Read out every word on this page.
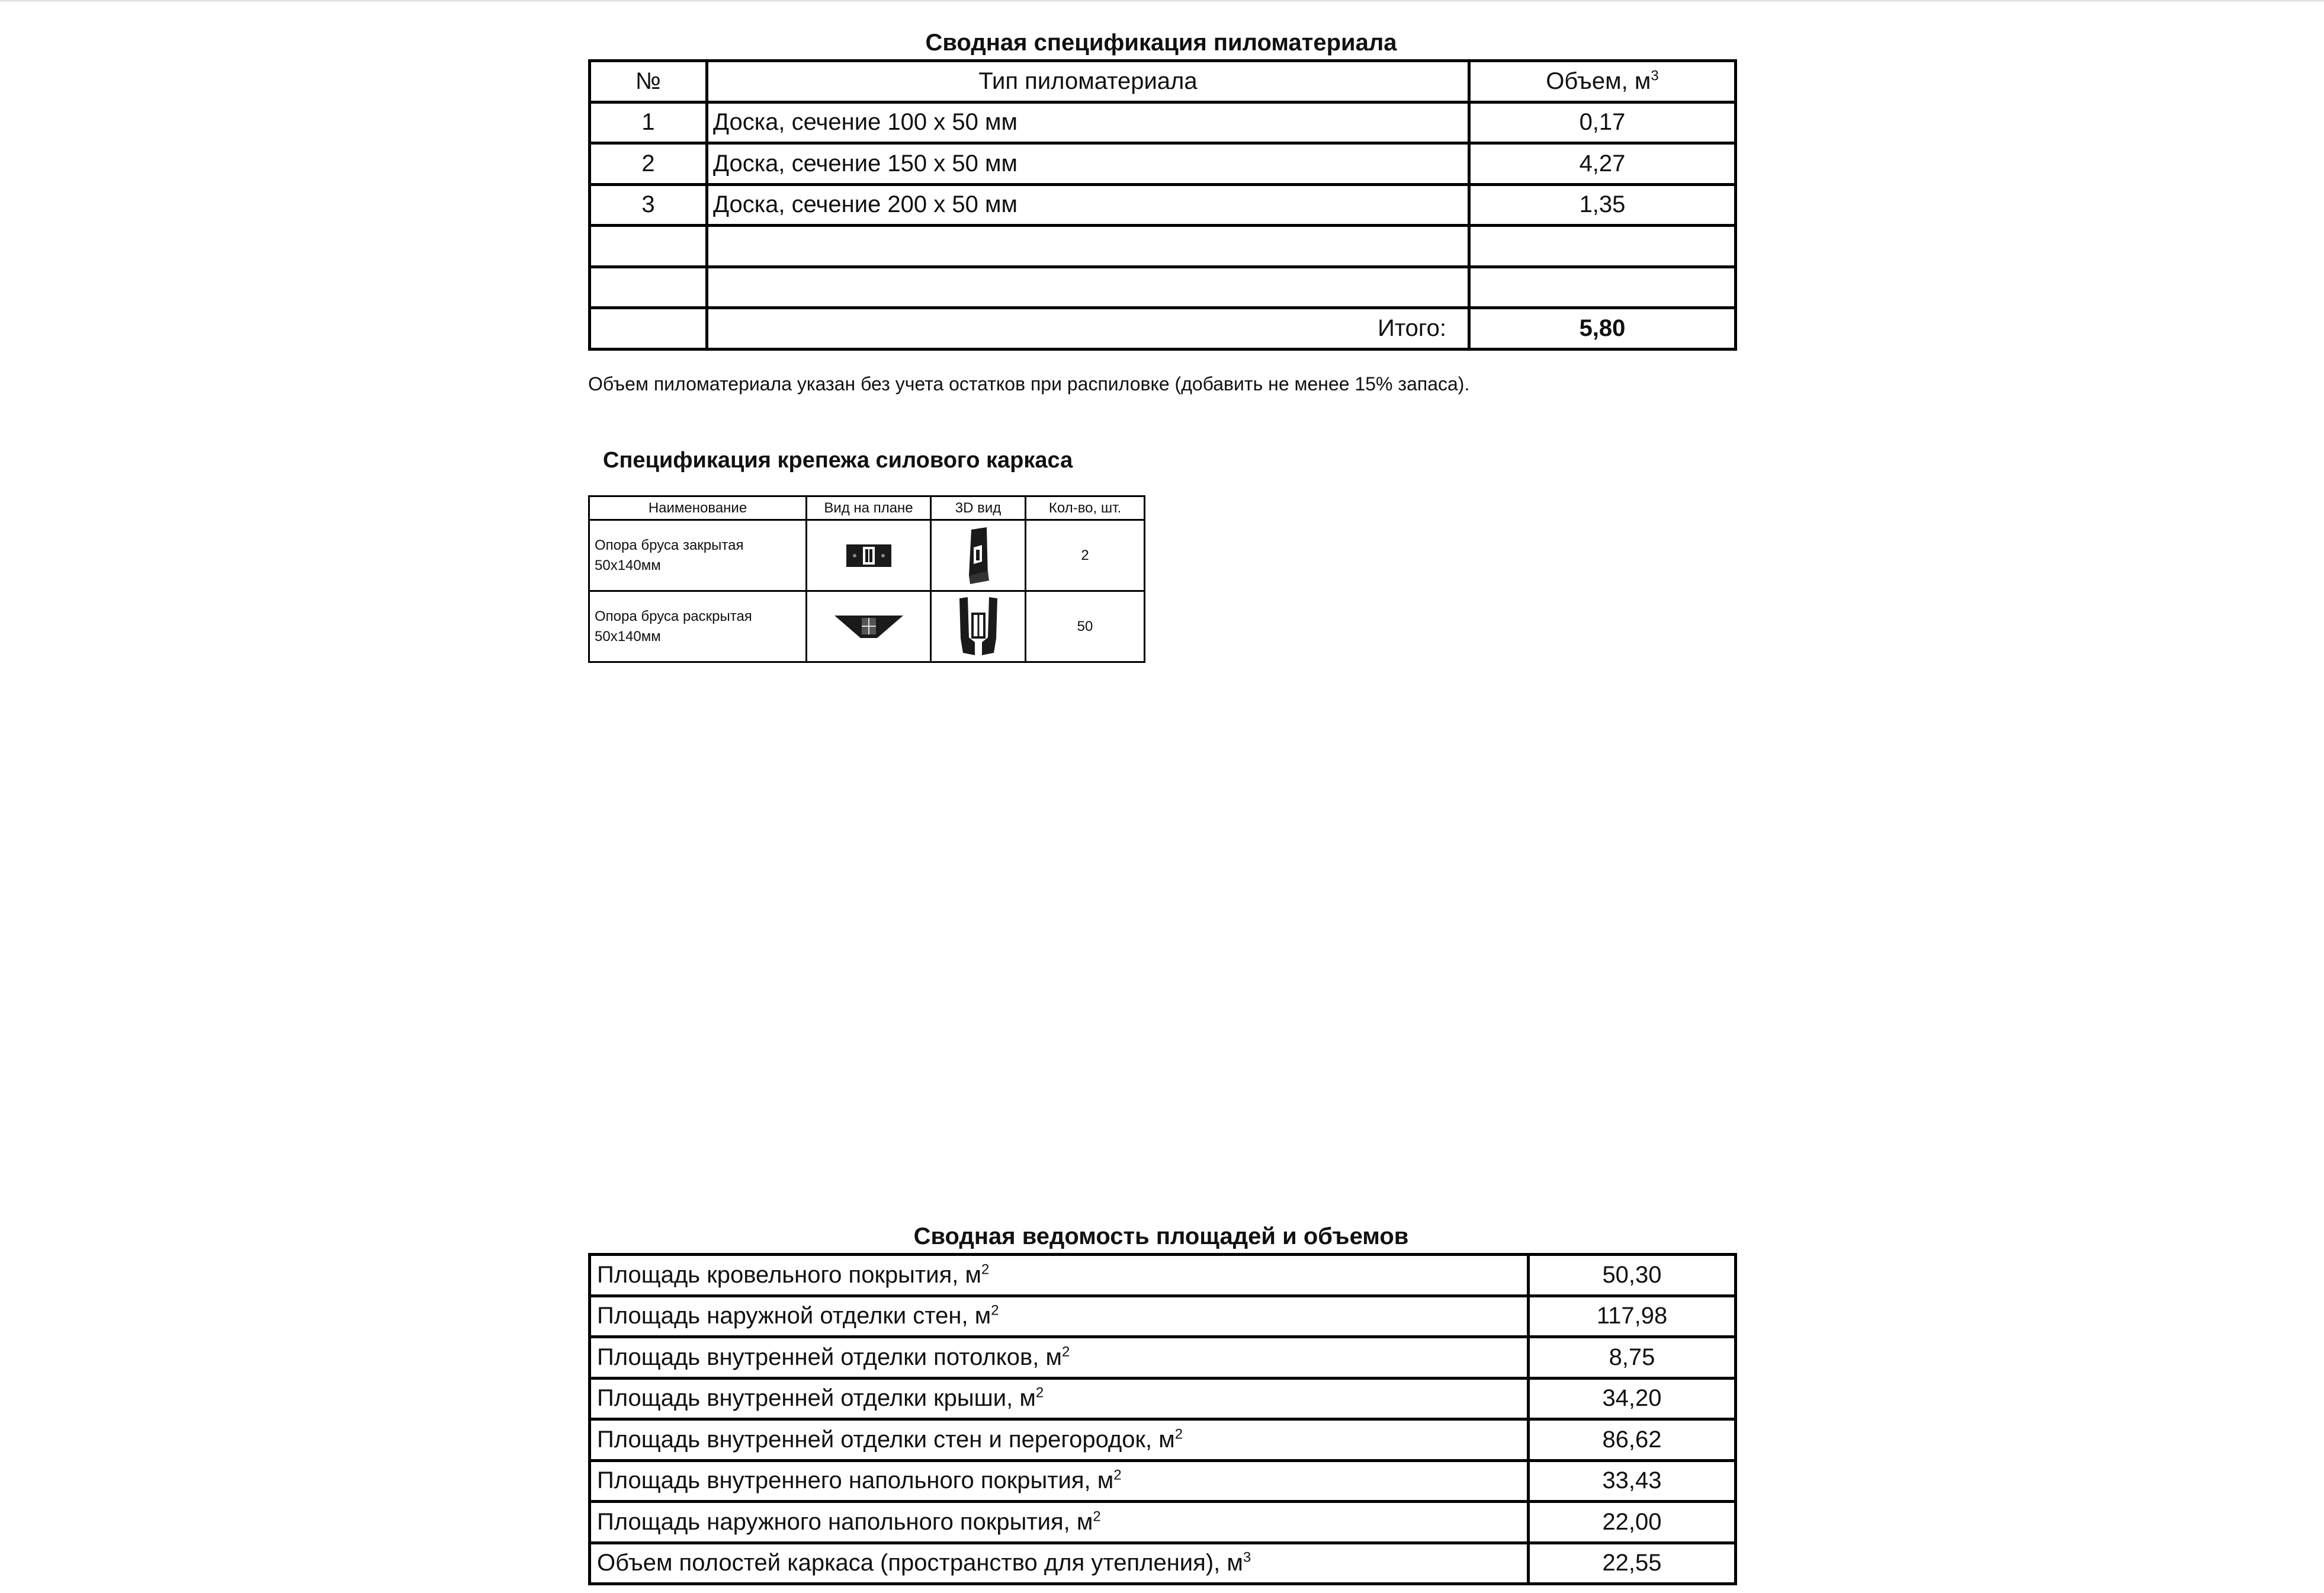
Сводная спецификация пиломатериала
№	Тип пиломатериала	Объем, $м^3$
1	Доска, сечение 100 х 50 мм	0,17
2	Доска, сечение 150 х 50 мм	4,27
3	Доска, сечение 200 х 50 мм	1,35

	Итого:	5,80
Объем пиломатериала указан без учета остатков при распиловке (добавить не менее 15% запаса).
Спецификация крепежа силового каркаса
Наименование	Вид на плане	3D вид	Кол-во, шт.

Опора бруса закрытая
50х140мм			2

Опора бруса раскрытая
50х140мм			50
Сводная ведомость площадей и объемов
Площадь кровельного покрытия, $м^2$	50,30
Площадь наружной отделки стен, $м^2$	117,98
Площадь внутренней отделки потолков, $м^2$	8,75
Площадь внутренней отделки крыши, $м^2$	34,20
Площадь внутренней отделки стен и перегородок, $м^2$	86,62
Площадь внутреннего напольного покрытия, $м^2$	33,43
Площадь наружного напольного покрытия, $м^2$	22,00
Объем полостей каркаса (пространство для утепления), $м^3$	22,55
